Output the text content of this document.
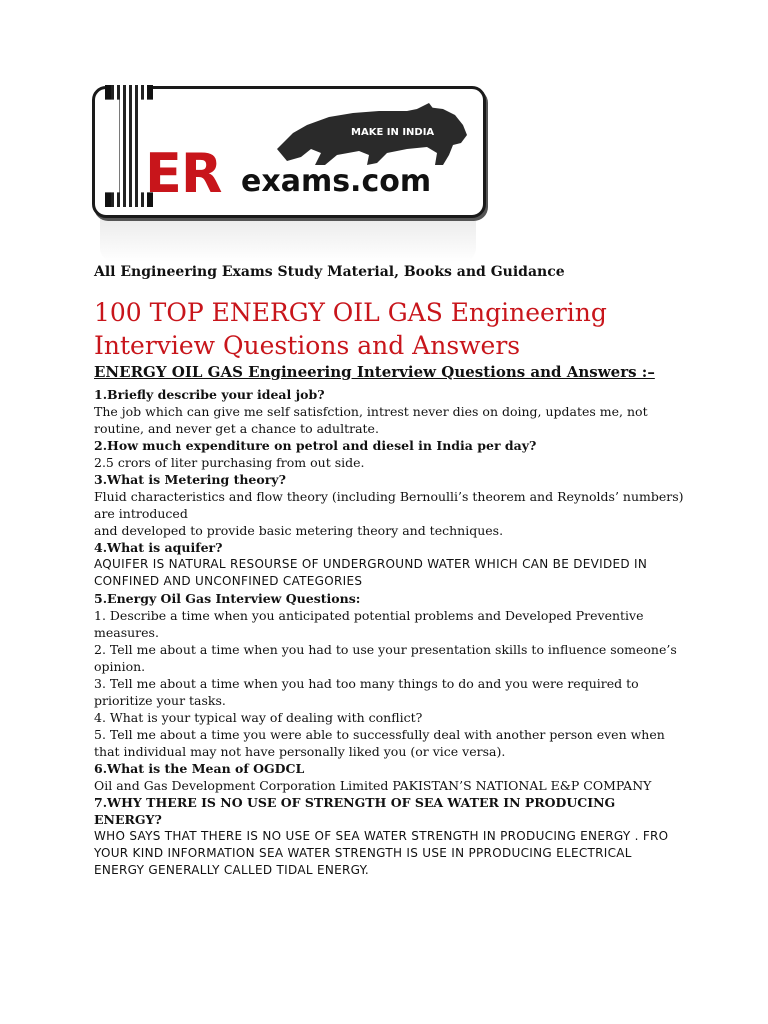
MAKE IN INDIA
ER exams.com
All Engineering Exams Study Material, Books and Guidance
100 TOP ENERGY OIL GAS Engineering Interview Questions and Answers
ENERGY OIL GAS Engineering Interview Questions and Answers :–

1.Briefly describe your ideal job?

The job which can give me self satisfction, intrest never dies on doing, updates me, not routine, and never get a chance to adultrate.

2.How much expenditure on petrol and diesel in India per day?

2.5 crors of liter purchasing from out side.

3.What is Metering theory?

Fluid characteristics and flow theory (including Bernoulli’s theorem and Reynolds’ numbers) are introduced

and developed to provide basic metering theory and techniques.

4.What is aquifer?

AQUIFER IS NATURAL RESOURSE OF UNDERGROUND WATER WHICH CAN BE DEVIDED IN CONFINED AND UNCONFINED CATEGORIES

5.Energy Oil Gas Interview Questions:

1. Describe a time when you anticipated potential problems and Developed Preventive measures.

2. Tell me about a time when you had to use your presentation skills to influence someone’s opinion.

3. Tell me about a time when you had too many things to do and you were required to prioritize your tasks.

4. What is your typical way of dealing with conflict?

5. Tell me about a time you were able to successfully deal with another person even when that individual may not have personally liked you (or vice versa).

6.What is the Mean of OGDCL

Oil and Gas Development Corporation Limited PAKISTAN’S NATIONAL E&P COMPANY

7.WHY THERE IS NO USE OF STRENGTH OF SEA WATER IN PRODUCING ENERGY?

WHO SAYS THAT THERE IS NO USE OF SEA WATER STRENGTH IN PRODUCING ENERGY . FRO YOUR KIND INFORMATION SEA WATER STRENGTH IS USE IN PPRODUCING ELECTRICAL ENERGY GENERALLY CALLED TIDAL ENERGY.
